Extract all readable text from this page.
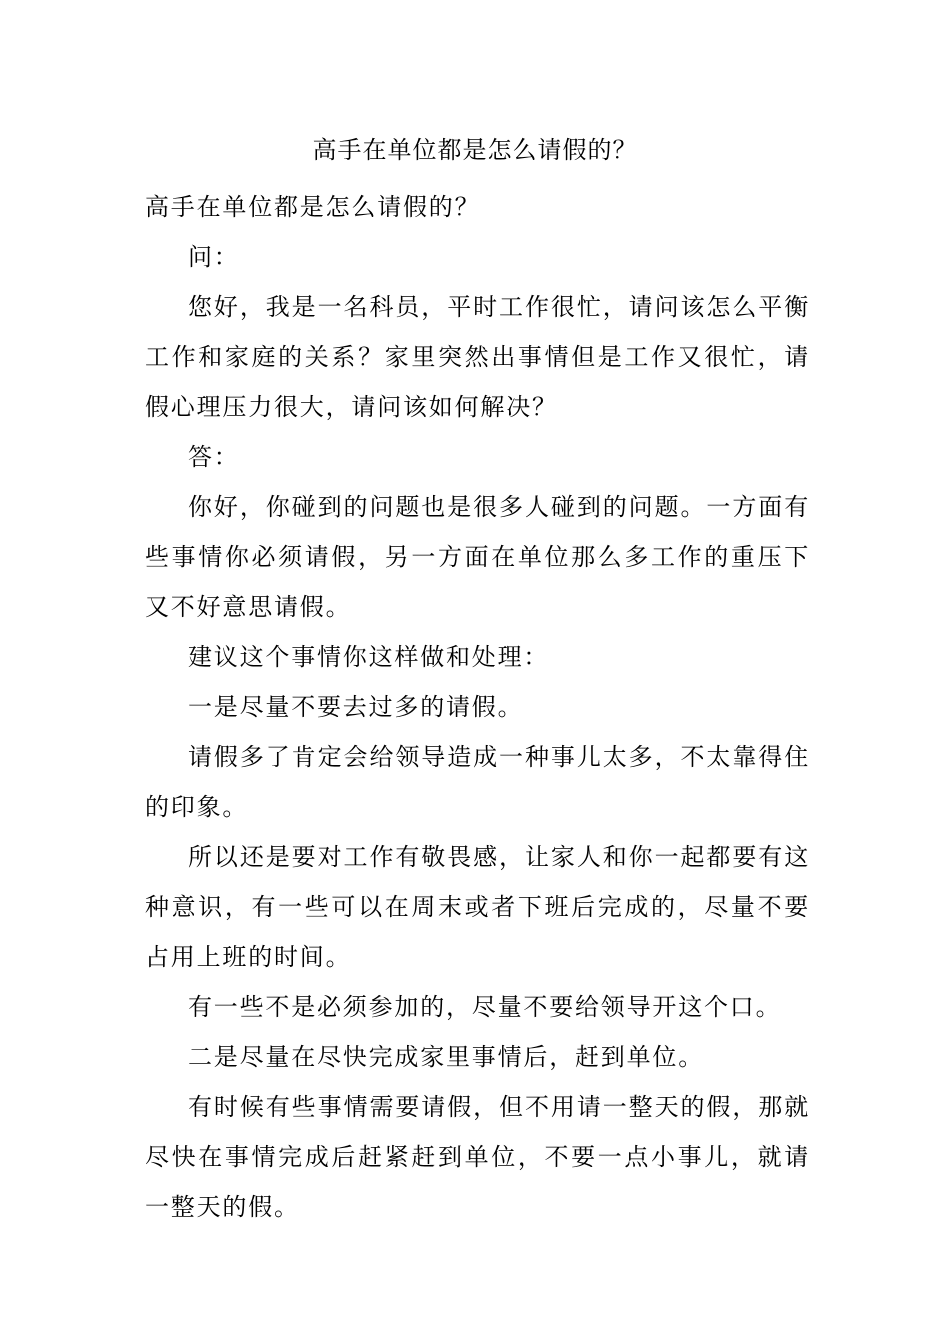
高手在单位都是怎么请假的？

高手在单位都是怎么请假的？

问：

您好，我是一名科员，平时工作很忙，请问该怎么平衡工作和家庭的关系？家里突然出事情但是工作又很忙，请假心理压力很大，请问该如何解决？

答：

你好，你碰到的问题也是很多人碰到的问题。一方面有些事情你必须请假，另一方面在单位那么多工作的重压下又不好意思请假。

建议这个事情你这样做和处理：

一是尽量不要去过多的请假。

请假多了肯定会给领导造成一种事儿太多，不太靠得住的印象。

所以还是要对工作有敬畏感，让家人和你一起都要有这种意识，有一些可以在周末或者下班后完成的，尽量不要占用上班的时间。

有一些不是必须参加的，尽量不要给领导开这个口。

二是尽量在尽快完成家里事情后，赶到单位。

有时候有些事情需要请假，但不用请一整天的假，那就尽快在事情完成后赶紧赶到单位，不要一点小事儿，就请一整天的假。
